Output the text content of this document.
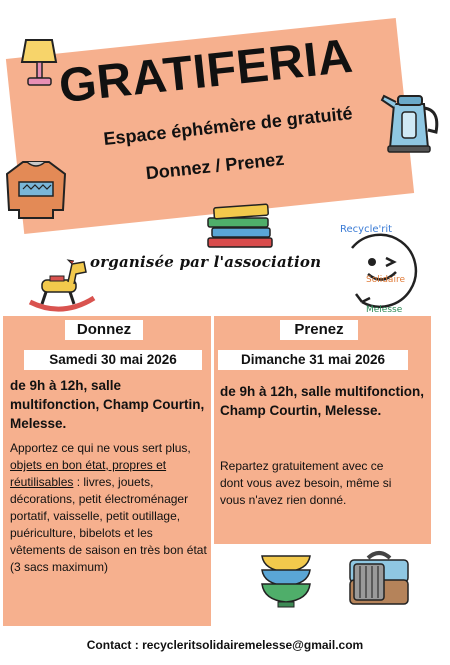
GRATIFERIA
Espace éphémère de gratuité
Donnez / Prenez
organisée par l'association
Recycle'rit
Solidaire
Melesse
Donnez
Samedi 30 mai 2026
de 9h à 12h, salle multifonction, Champ Courtin, Melesse.
Apportez ce qui ne vous sert plus, objets en bon état, propres et réutilisables : livres, jouets, décorations, petit électroménager portatif, vaisselle, petit outillage, puériculture, bibelots et les vêtements de saison en très bon état (3 sacs maximum)
Prenez
Dimanche 31 mai 2026
de 9h à 12h, salle multifonction, Champ Courtin, Melesse.
Repartez gratuitement avec ce dont vous avez besoin, même si vous n'avez rien donné.
Contact : recycleritsolidairemelesse@gmail.com
